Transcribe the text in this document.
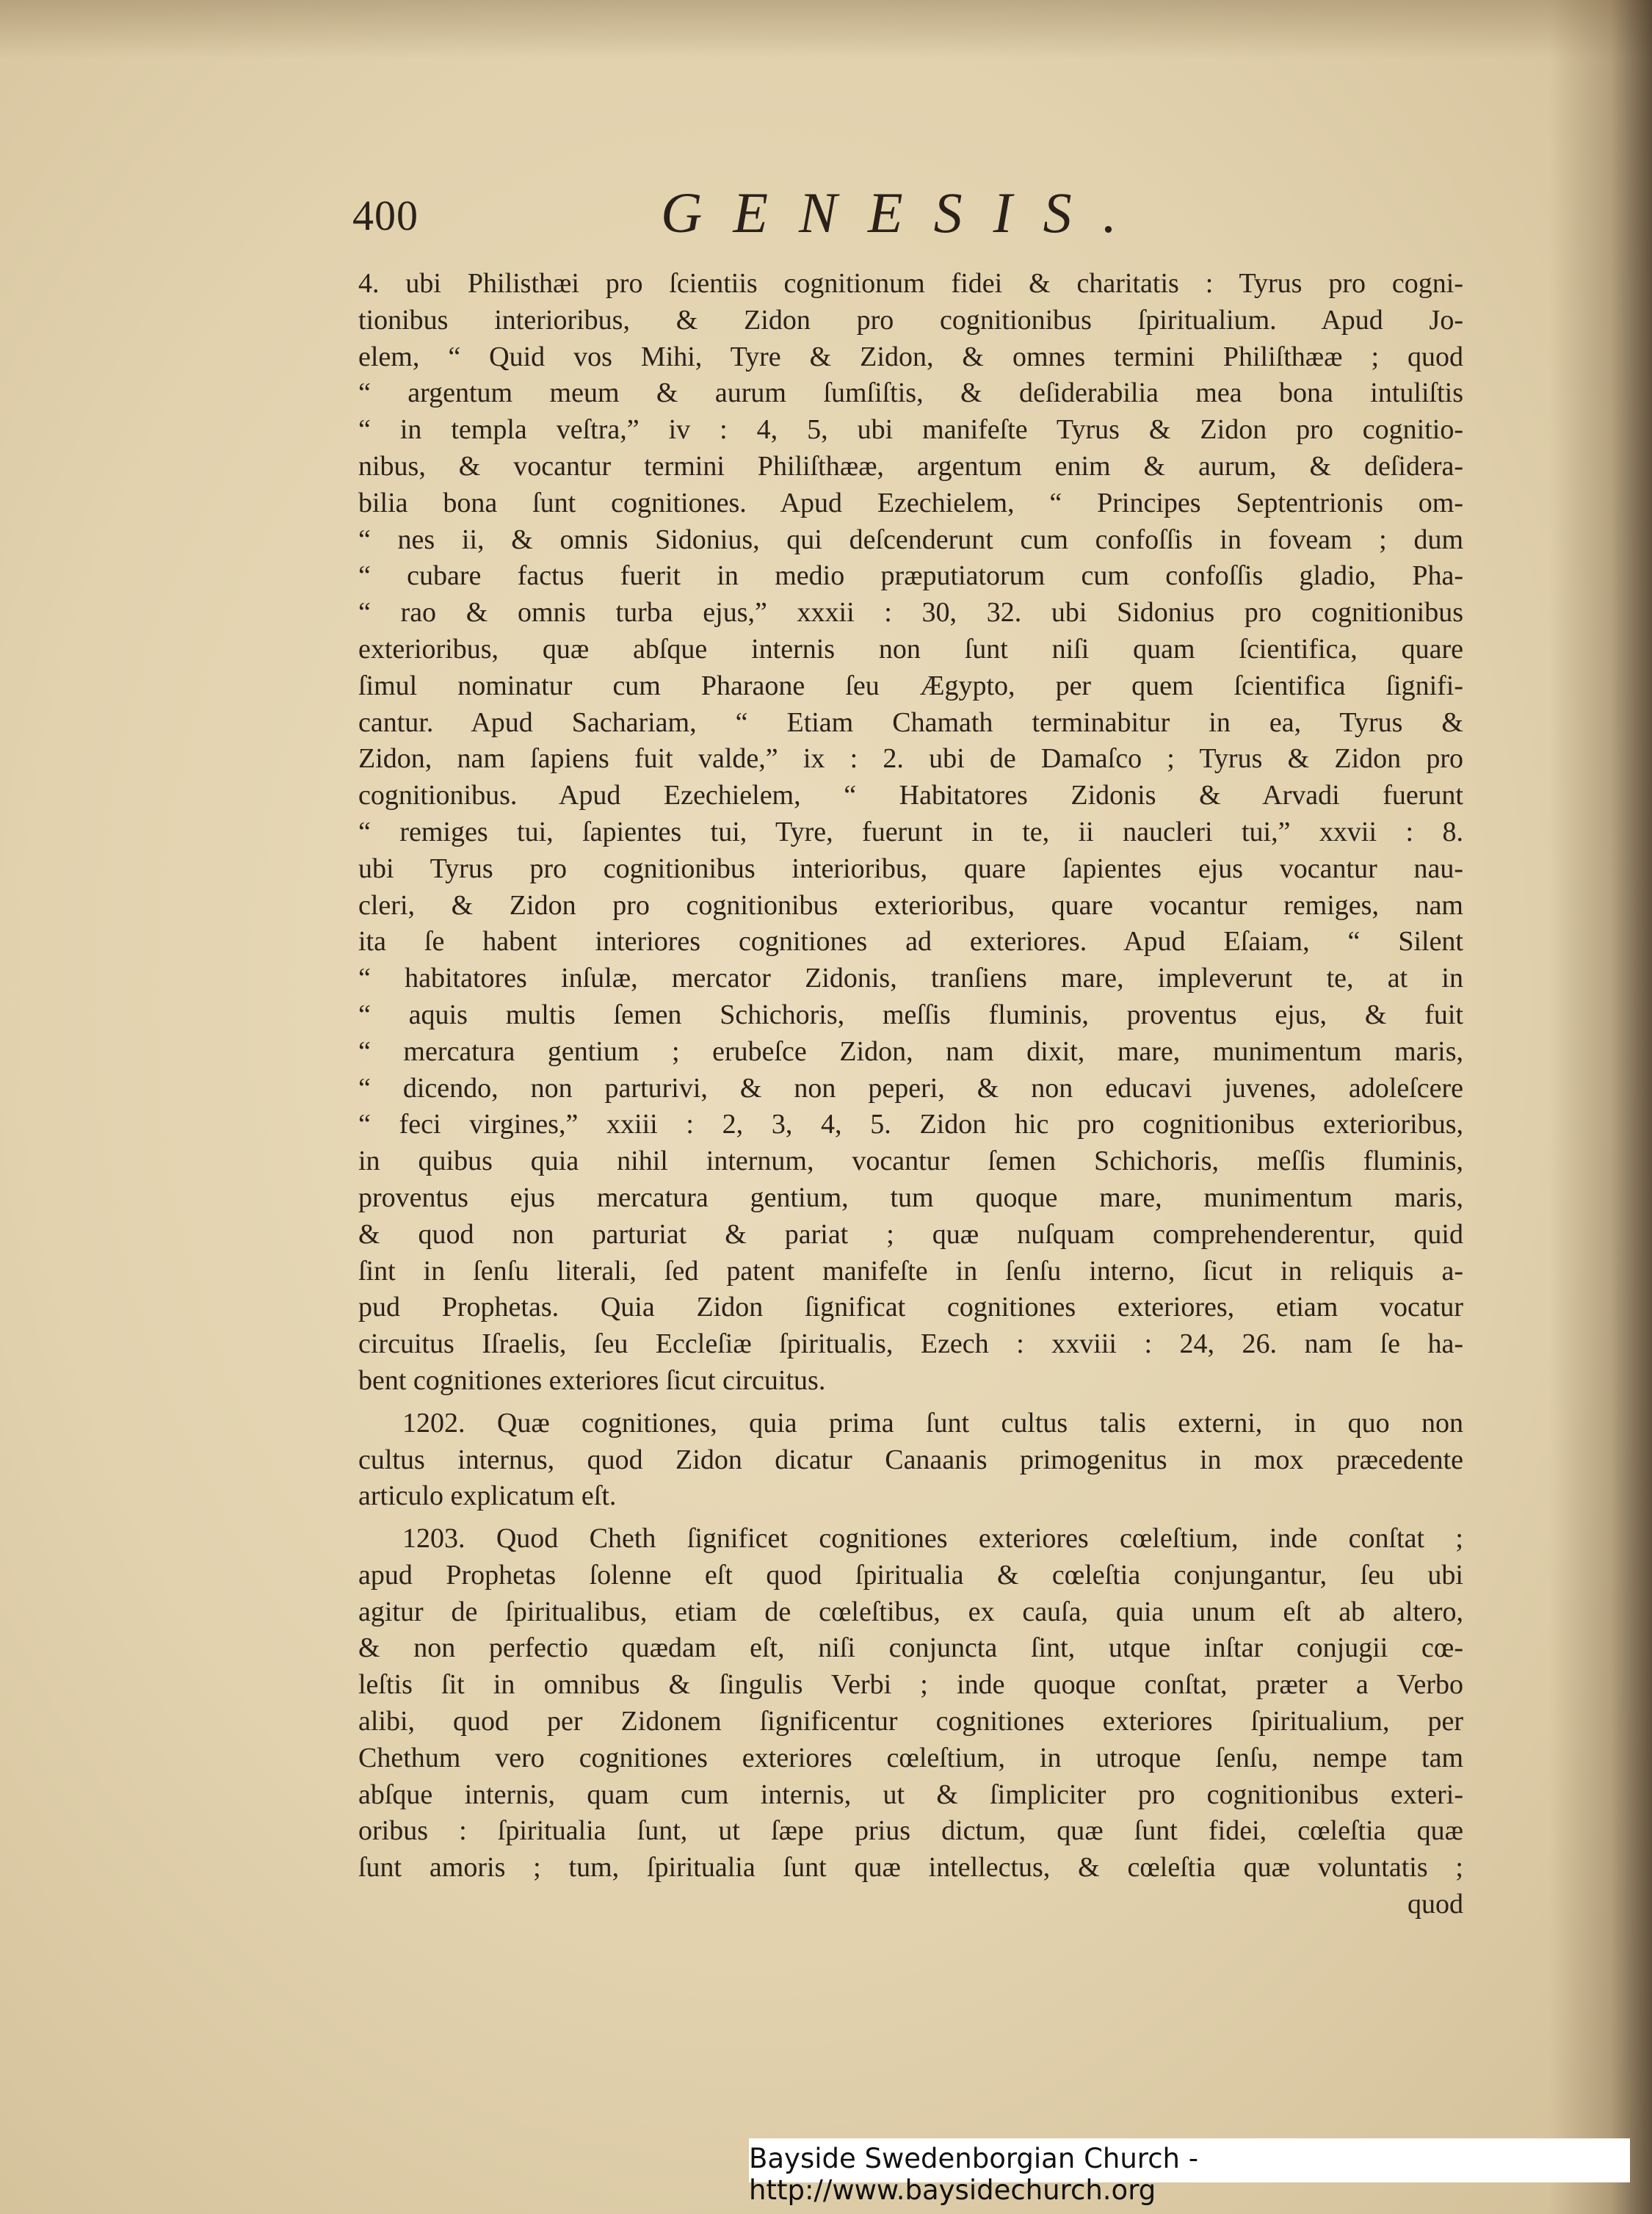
400	GENESIS.
4. ubi Philisthæi pro ſcientiis cognitionum fidei & charitatis : Tyrus pro cogni-
tionibus interioribus, & Zidon pro cognitionibus ſpiritualium. Apud Jo-
elem, “ Quid vos Mihi, Tyre & Zidon, & omnes termini Philiſthææ ; quod
“ argentum meum & aurum ſumſiſtis, & deſiderabilia mea bona intuliſtis
“ in templa veſtra,” iv : 4, 5, ubi manifeſte Tyrus & Zidon pro cognitio-
nibus, & vocantur termini Philiſthææ, argentum enim & aurum, & deſidera-
bilia bona ſunt cognitiones. Apud Ezechielem, “ Principes Septentrionis om-
“ nes ii, & omnis Sidonius, qui deſcenderunt cum confoſſis in foveam ; dum
“ cubare factus fuerit in medio præputiatorum cum confoſſis gladio, Pha-
“ rao & omnis turba ejus,” xxxii : 30, 32. ubi Sidonius pro cognitionibus
exterioribus, quæ abſque internis non ſunt niſi quam ſcientifica, quare
ſimul nominatur cum Pharaone ſeu Ægypto, per quem ſcientifica ſignifi-
cantur. Apud Sachariam, “ Etiam Chamath terminabitur in ea, Tyrus &
Zidon, nam ſapiens fuit valde,” ix : 2. ubi de Damaſco ; Tyrus & Zidon pro
cognitionibus. Apud Ezechielem, “ Habitatores Zidonis & Arvadi fuerunt
“ remiges tui, ſapientes tui, Tyre, fuerunt in te, ii naucleri tui,” xxvii : 8.
ubi Tyrus pro cognitionibus interioribus, quare ſapientes ejus vocantur nau-
cleri, & Zidon pro cognitionibus exterioribus, quare vocantur remiges, nam
ita ſe habent interiores cognitiones ad exteriores. Apud Eſaiam, “ Silent
“ habitatores inſulæ, mercator Zidonis, tranſiens mare, impleverunt te, at in
“ aquis multis ſemen Schichoris, meſſis fluminis, proventus ejus, & fuit
“ mercatura gentium ; erubeſce Zidon, nam dixit, mare, munimentum maris,
“ dicendo, non parturivi, & non peperi, & non educavi juvenes, adoleſcere
“ feci virgines,” xxiii : 2, 3, 4, 5. Zidon hic pro cognitionibus exterioribus,
in quibus quia nihil internum, vocantur ſemen Schichoris, meſſis fluminis,
proventus ejus mercatura gentium, tum quoque mare, munimentum maris,
& quod non parturiat & pariat ; quæ nuſquam comprehenderentur, quid
ſint in ſenſu literali, ſed patent manifeſte in ſenſu interno, ſicut in reliquis a-
pud Prophetas. Quia Zidon ſignificat cognitiones exteriores, etiam vocatur
circuitus Iſraelis, ſeu Eccleſiæ ſpiritualis, Ezech : xxviii : 24, 26. nam ſe ha-
bent cognitiones exteriores ſicut circuitus.
1202. Quæ cognitiones, quia prima ſunt cultus talis externi, in quo non
cultus internus, quod Zidon dicatur Canaanis primogenitus in mox præcedente
articulo explicatum eſt.
1203. Quod Cheth ſignificet cognitiones exteriores cœleſtium, inde conſtat ;
apud Prophetas ſolenne eſt quod ſpiritualia & cœleſtia conjungantur, ſeu ubi
agitur de ſpiritualibus, etiam de cœleſtibus, ex cauſa, quia unum eſt ab altero,
& non perfectio quædam eſt, niſi conjuncta ſint, utque inſtar conjugii cœ-
leſtis ſit in omnibus & ſingulis Verbi ; inde quoque conſtat, præter a Verbo
alibi, quod per Zidonem ſignificentur cognitiones exteriores ſpiritualium, per
Chethum vero cognitiones exteriores cœleſtium, in utroque ſenſu, nempe tam
abſque internis, quam cum internis, ut & ſimpliciter pro cognitionibus exteri-
oribus : ſpiritualia ſunt, ut ſæpe prius dictum, quæ ſunt fidei, cœleſtia quæ
ſunt amoris ; tum, ſpiritualia ſunt quæ intellectus, & cœleſtia quæ voluntatis ;
quod
Bayside Swedenborgian Church - http://www.baysidechurch.org
